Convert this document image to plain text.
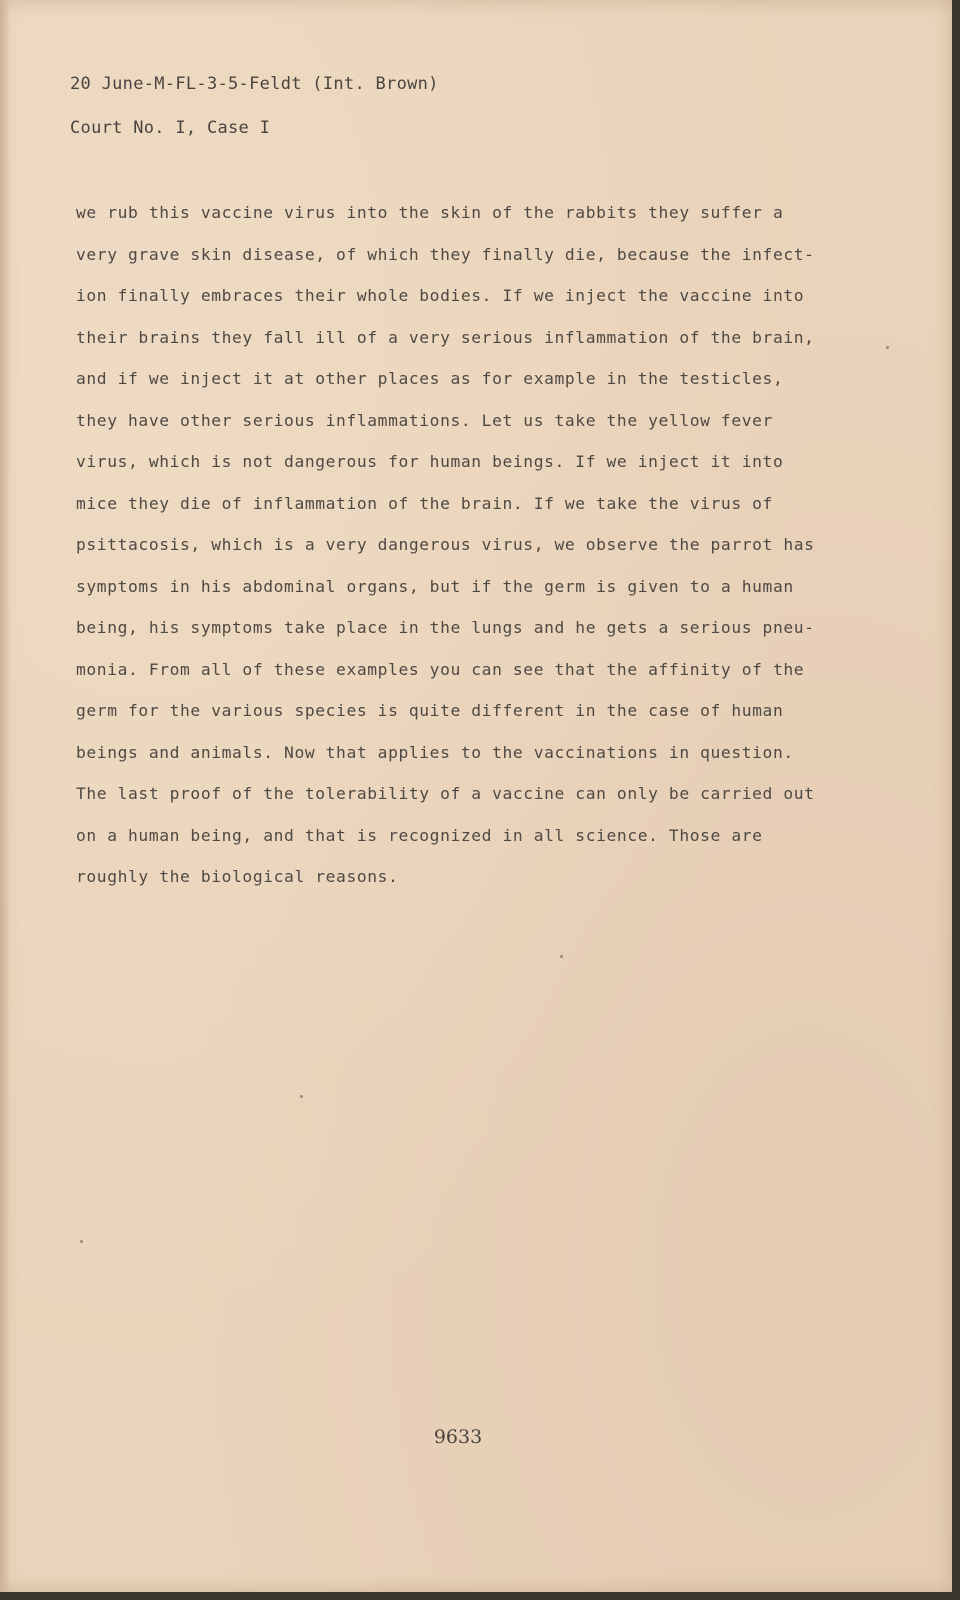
20 June-M-FL-3-5-Feldt (Int. Brown)
Court No. I, Case I
we rub this vaccine virus into the skin of the rabbits they suffer a
very grave skin disease, of which they finally die, because the infect-
ion finally embraces their whole bodies. If we inject the vaccine into
their brains they fall ill of a very serious inflammation of the brain,
and if we inject it at other places as for example in the testicles,
they have other serious inflammations. Let us take the yellow fever
virus, which is not dangerous for human beings. If we inject it into
mice they die of inflammation of the brain. If we take the virus of
psittacosis, which is a very dangerous virus, we observe the parrot has
symptoms in his abdominal organs, but if the germ is given to a human
being, his symptoms take place in the lungs and he gets a serious pneu-
monia. From all of these examples you can see that the affinity of the
germ for the various species is quite different in the case of human
beings and animals. Now that applies to the vaccinations in question.
The last proof of the tolerability of a vaccine can only be carried out
on a human being, and that is recognized in all science. Those are
roughly the biological reasons.
9633
